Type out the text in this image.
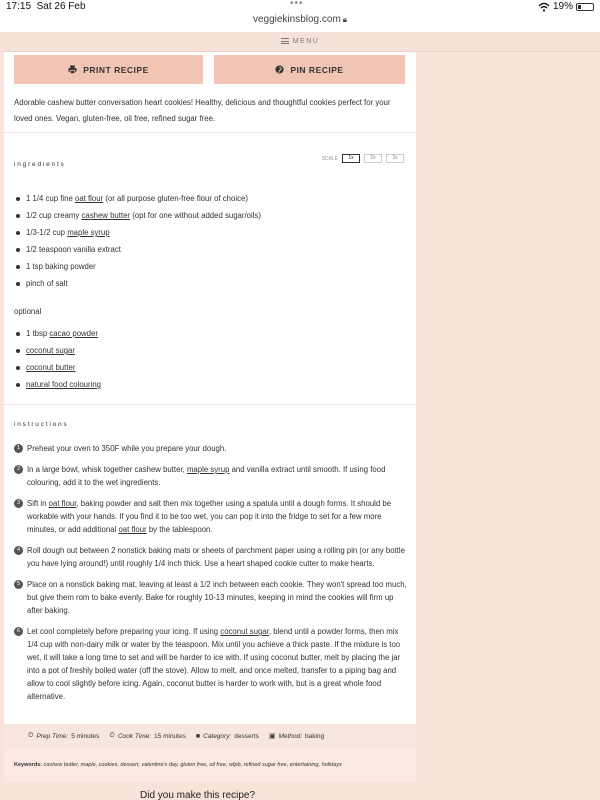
17:15 Sat 26 Feb	•••	19%
veggiekinsblog.com 🔒︎
MENU
PRINT RECIPE	PIN RECIPE
Adorable cashew butter conversation heart cookies! Healthy, delicious and thoughtful cookies perfect for your loved ones. Vegan, gluten-free, oil free, refined sugar free.
ingredients
SCALE	1x	2x	3x
1 1/4 cup fine oat flour (or all purpose gluten-free flour of choice)
1/2 cup creamy cashew butter (opt for one without added sugar/oils)
1/3-1/2 cup maple syrup
1/2 teaspoon vanilla extract
1 tsp baking powder
pinch of salt
optional
1 tbsp cacao powder
coconut sugar
coconut butter
natural food colouring
instructions
1 Preheat your oven to 350F while you prepare your dough.
2 In a large bowl, whisk together cashew butter, maple syrup and vanilla extract until smooth. If using food colouring, add it to the wet ingredients.
3 Sift in oat flour, baking powder and salt then mix together using a spatula until a dough forms. It should be workable with your hands. If you find it to be too wet, you can pop it into the fridge to set for a few more minutes, or add additional oat flour by the tablespoon.
4 Roll dough out between 2 nonstick baking mats or sheets of parchment paper using a rolling pin (or any bottle you have lying around!) until roughly 1/4 inch thick. Use a heart shaped cookie cutter to make hearts.
5 Place on a nonstick baking mat, leaving at least a 1/2 inch between each cookie. They won't spread too much, but give them rom to bake evenly. Bake for roughly 10-13 minutes, keeping in mind the cookies will firm up after baking.
6 Let cool completely before preparing your icing. If using coconut sugar, blend until a powder forms, then mix 1/4 cup with non-dairy milk or water by the teaspoon. Mix until you achieve a thick paste. If the mixture is too wet, it will take a long time to set and will be harder to ice with. If using coconut butter, melt by placing the jar into a pot of freshly boiled water (off the stove). Allow to melt, and once melted, transfer to a piping bag and allow to cool slightly before icing. Again, coconut butter is harder to work with, but is a great whole food alternative.
⏲︎ Prep Time: 5 minutes ⏲︎ Cook Time: 15 minutes ■ Category: desserts ▣ Method: baking
Keywords: cashew butter, maple, cookies, dessert, valentine's day, gluten free, oil free, wfpb, refined sugar free, entertaining, holidays
Did you make this recipe?
